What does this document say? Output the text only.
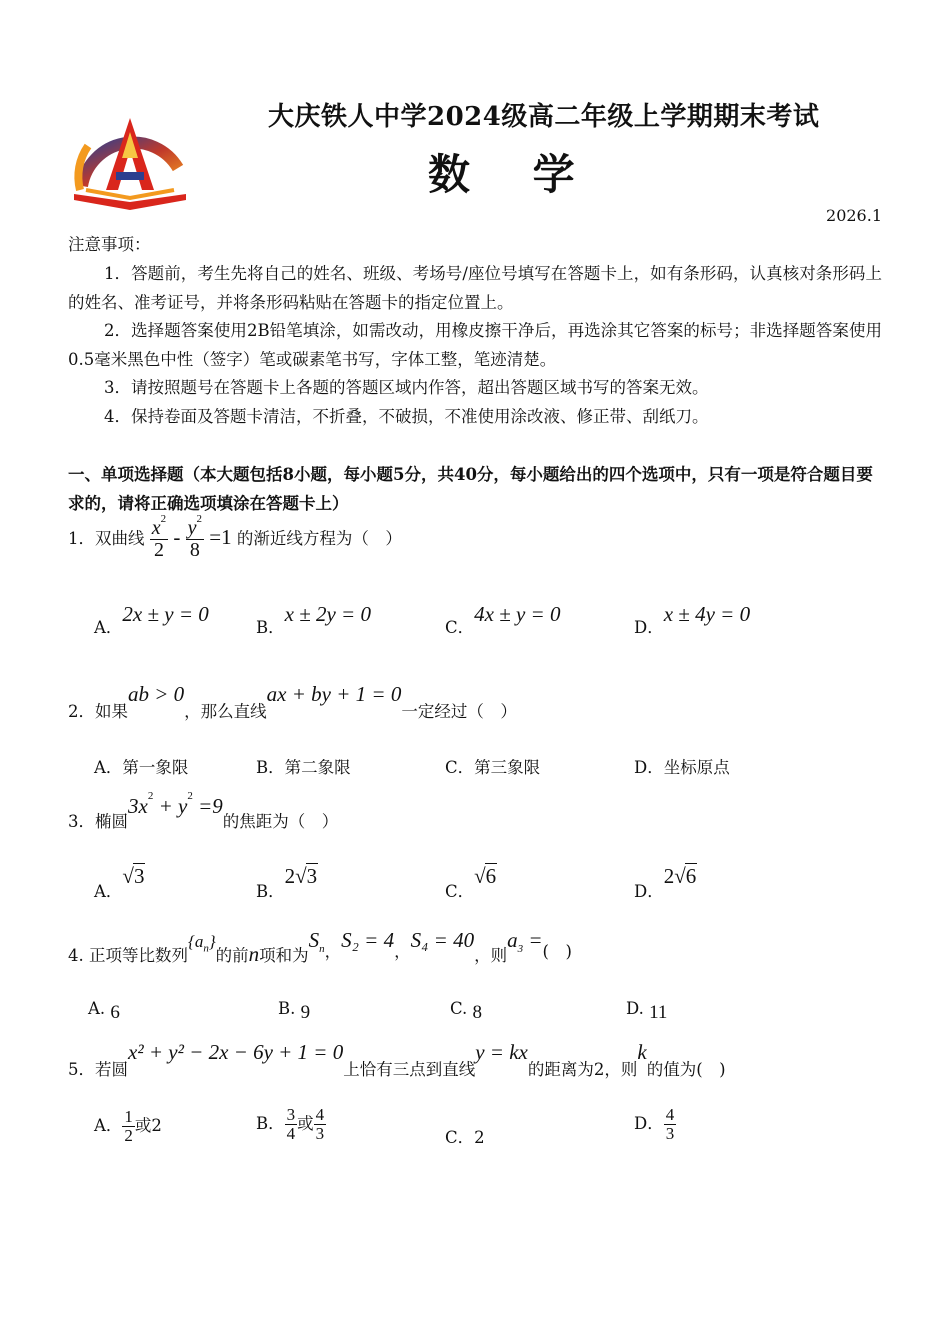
大庆铁人中学2024级高二年级上学期期末考试
数 学
2026.1
注意事项：
1．答题前，考生先将自己的姓名、班级、考场号/座位号填写在答题卡上，如有条形码，认真核对条形码上的姓名、准考证号，并将条形码粘贴在答题卡的指定位置上。
2．选择题答案使用2B铅笔填涂，如需改动，用橡皮擦干净后，再选涂其它答案的标号；非选择题答案使用0.5毫米黑色中性（签字）笔或碳素笔书写，字体工整，笔迹清楚。
3．请按照题号在答题卡上各题的答题区域内作答，超出答题区域书写的答案无效。
4．保持卷面及答题卡清洁，不折叠，不破损，不准使用涂改液、修正带、刮纸刀。
一、单项选择题（本大题包括8小题，每小题5分，共40分，每小题给出的四个选项中，只有一项是符合题目要求的，请将正确选项填涂在答题卡上）
1．双曲线 $\frac{x^2}{2} - \frac{y^2}{8} =1$ 的渐近线方程为（　）
A．2x ± y = 0
B．x ± 2y = 0
C．4x ± y = 0
D．x ± 4y = 0
2．如果ab > 0，那么直线ax + by + 1 = 0一定经过（　）
A．第一象限	B．第二象限	C．第三象限	D．坐标原点
3．椭圆$3x^2 + y^2 =9$的焦距为（　）
A．√3
B．2√3
C．√6
D．2√6
4. 正项等比数列$\{a_n\}$的前n项和为$S_n$，S₂ = 4，S₄ = 40，则$a_3$ =(　)
A. 6	B. 9	C. 8	D. 11
5．若圆x² + y² − 2x − 6y + 1 = 0上恰有三点到直线y = kx的距离为2，则k的值为(　)
A． $\frac{1}{2}$ 或2	B． $\frac{3}{4}$ 或 $\frac{4}{3}$	C．2
D． $\frac{4}{3}$
